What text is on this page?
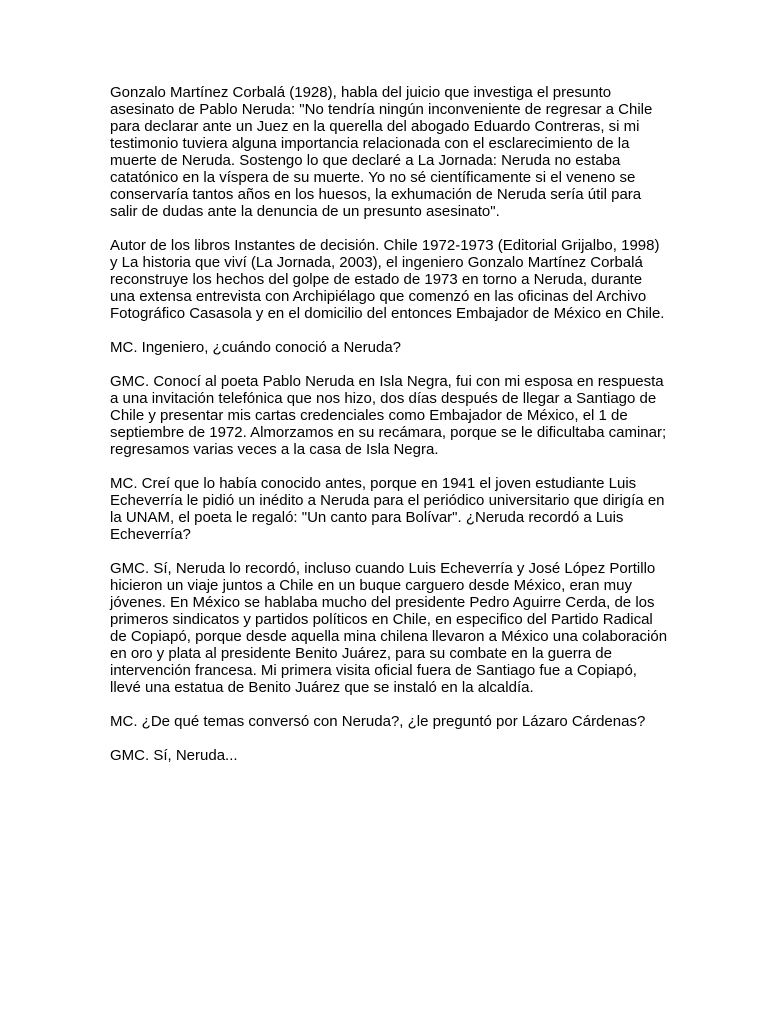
Gonzalo Martínez Corbalá (1928), habla del juicio que investiga el presunto asesinato de Pablo Neruda: "No tendría ningún inconveniente de regresar a Chile para declarar ante un Juez en la querella del abogado Eduardo Contreras, si mi testimonio tuviera alguna importancia relacionada con el esclarecimiento de la muerte de Neruda. Sostengo lo que declaré a La Jornada: Neruda no estaba catatónico en la víspera de su muerte. Yo no sé científicamente si el veneno se conservaría tantos años en los huesos, la exhumación de Neruda sería útil para salir de dudas ante la denuncia de un presunto asesinato".

Autor de los libros Instantes de decisión. Chile 1972-1973 (Editorial Grijalbo, 1998) y La historia que viví (La Jornada, 2003), el ingeniero Gonzalo Martínez Corbalá reconstruye los hechos del golpe de estado de 1973 en torno a Neruda, durante una extensa entrevista con Archipiélago que comenzó en las oficinas del Archivo Fotográfico Casasola y en el domicilio del entonces Embajador de México en Chile.

MC. Ingeniero, ¿cuándo conoció a Neruda?

GMC. Conocí al poeta Pablo Neruda en Isla Negra, fui con mi esposa en respuesta a una invitación telefónica que nos hizo, dos días después de llegar a Santiago de Chile y presentar mis cartas credenciales como Embajador de México, el 1 de septiembre de 1972. Almorzamos en su recámara, porque se le dificultaba caminar; regresamos varias veces a la casa de Isla Negra.

MC. Creí que lo había conocido antes, porque en 1941 el joven estudiante Luis Echeverría le pidió un inédito a Neruda para el periódico universitario que dirigía en la UNAM, el poeta le regaló: "Un canto para Bolívar". ¿Neruda recordó a Luis Echeverría?

GMC. Sí, Neruda lo recordó, incluso cuando Luis Echeverría y José López Portillo hicieron un viaje juntos a Chile en un buque carguero desde México, eran muy jóvenes. En México se hablaba mucho del presidente Pedro Aguirre Cerda, de los primeros sindicatos y partidos políticos en Chile, en especifico del Partido Radical de Copiapó, porque desde aquella mina chilena llevaron a México una colaboración en oro y plata al presidente Benito Juárez, para su combate en la guerra de intervención francesa. Mi primera visita oficial fuera de Santiago fue a Copiapó, llevé una estatua de Benito Juárez que se instaló en la alcaldía.

MC. ¿De qué temas conversó con Neruda?, ¿le preguntó por Lázaro Cárdenas?

GMC. Sí, Neruda...
